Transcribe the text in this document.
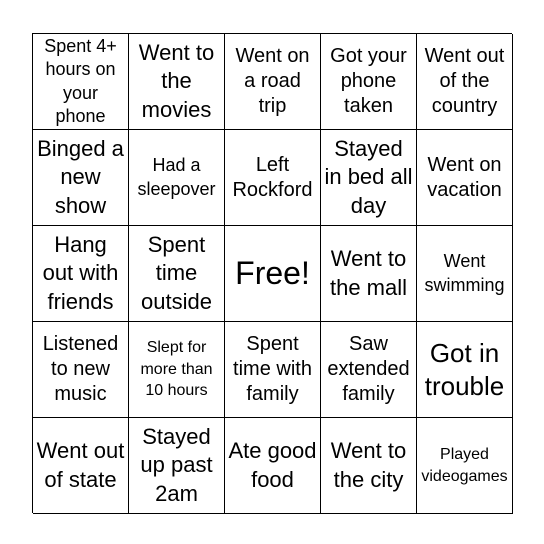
Spent 4+ hours on your phone
Went to the movies
Went on a road trip
Got your phone taken
Went out of the country
Binged a new show
Had a sleepover
Left Rockford
Stayed in bed all day
Went on vacation
Hang out with friends
Spent time outside
Free! Went to the mall
Went swimming
Listened to new music
Slept for more than 10 hours
Spent time with family
Saw extended family
Got in trouble
Went out of state
Stayed up past 2am
Ate good food
Went to the city
Played videogames
